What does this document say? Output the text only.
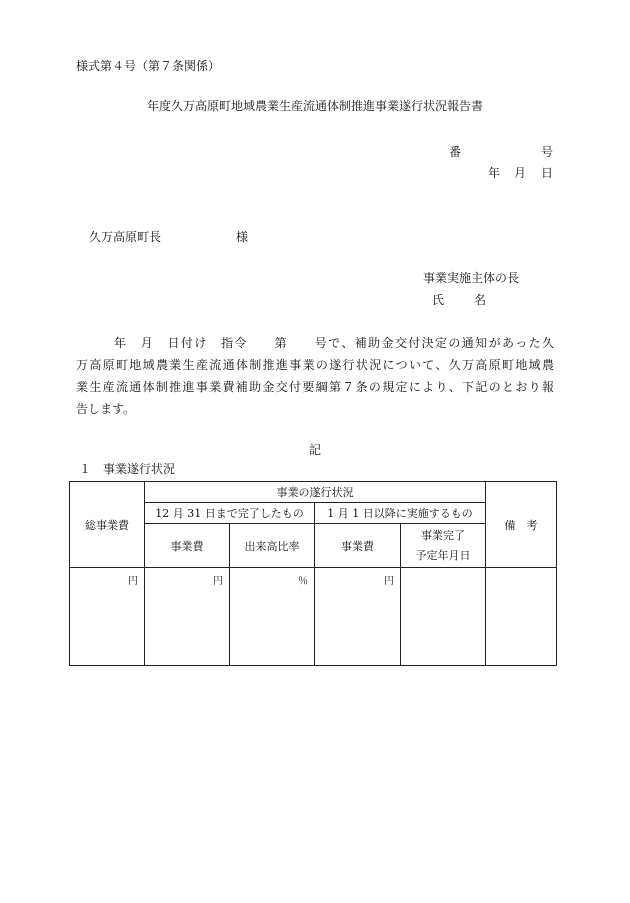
様式第４号（第７条関係）
年度久万高原町地域農業生産流通体制推進事業遂行状況報告書
番	号
年 月 日
久万高原町長	様
事業実施主体の長
氏 名
年　月　日付け　指令　　第　　号で、補助金交付決定の通知があった久
万高原町地域農業生産流通体制推進事業の遂行状況について、久万高原町地域農
業生産流通体制推進事業費補助金交付要綱第７条の規定により、下記のとおり報
告します。
記
１　事業遂行状況
総事業費	事業の遂行状況				備　考
	12 月 31 日まで完了したもの		1 月 1 日以降に実施するもの		
	事業費	出来高比率	事業費	事業完了
予定年月日	

円	円	％	円		
